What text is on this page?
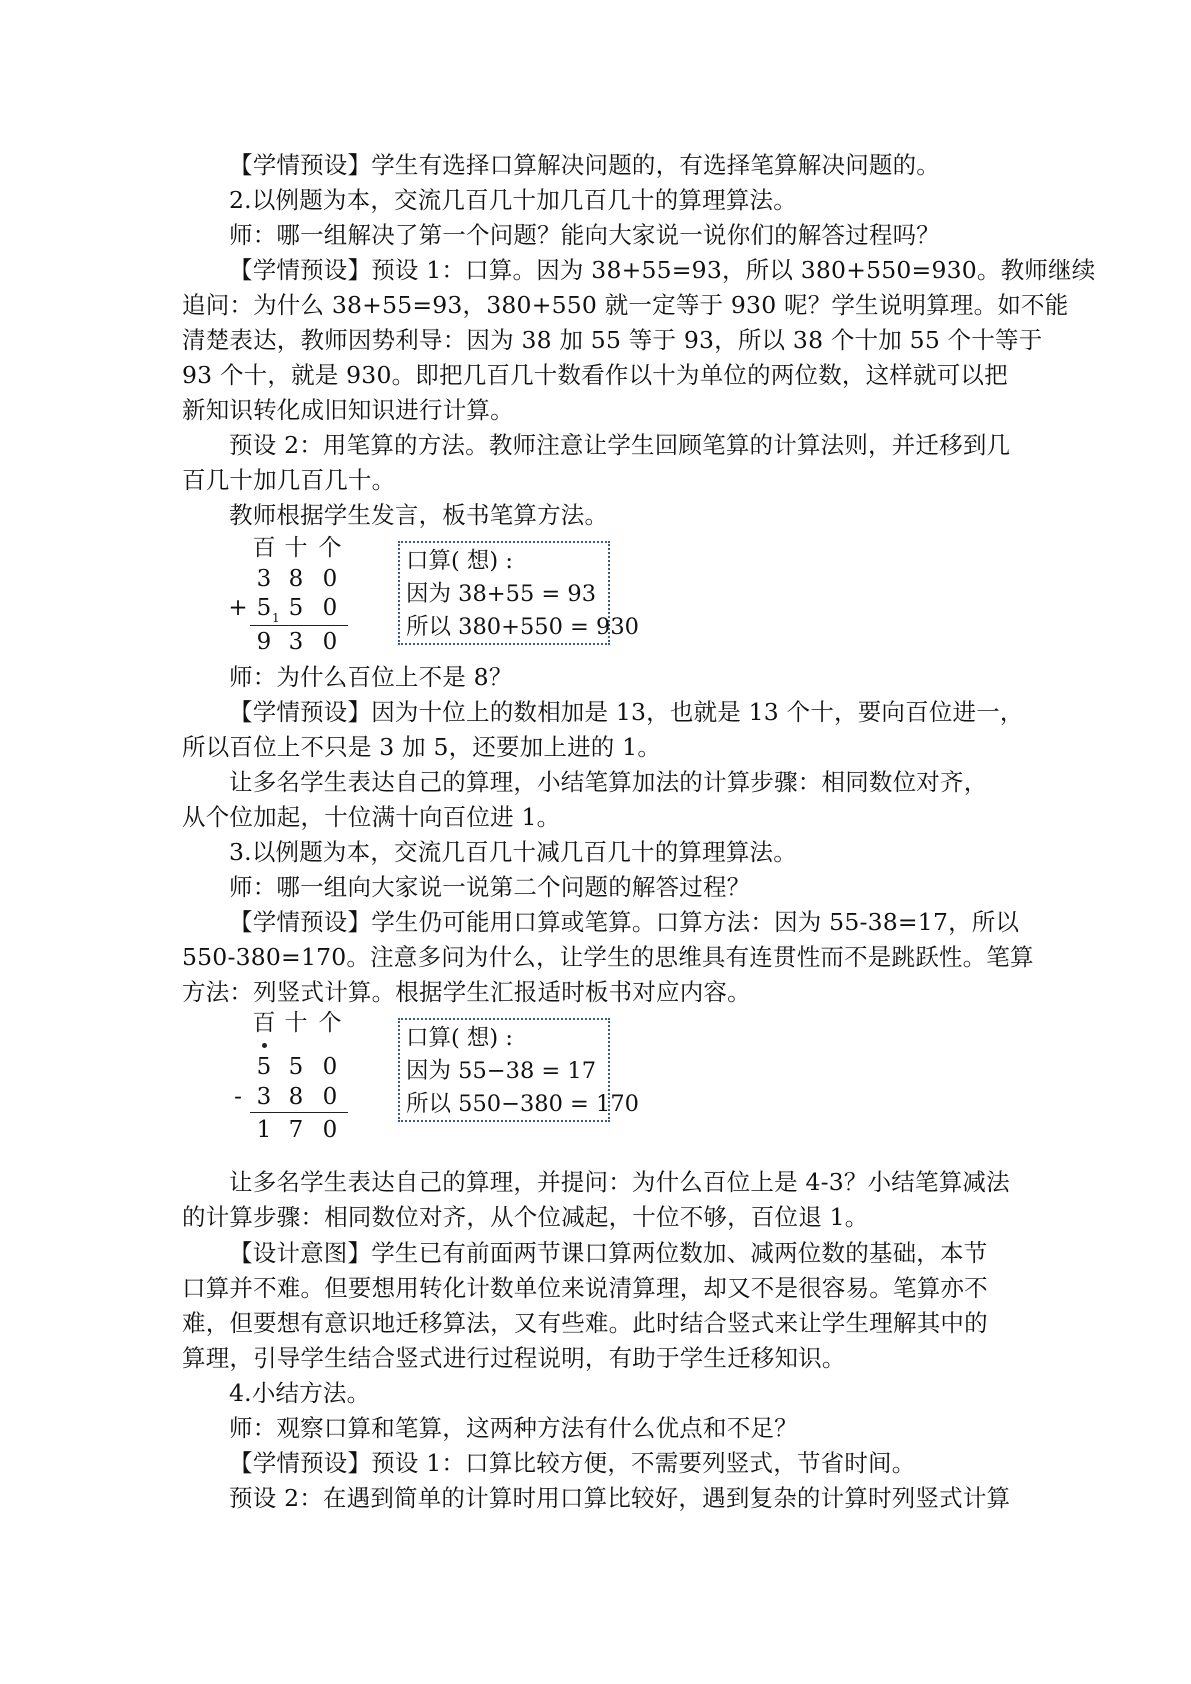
【学情预设】学生有选择口算解决问题的，有选择笔算解决问题的。
2.以例题为本，交流几百几十加几百几十的算理算法。
师：哪一组解决了第一个问题？能向大家说一说你们的解答过程吗？
【学情预设】预设 1：口算。因为 38+55=93，所以 380+550=930。教师继续
追问：为什么 38+55=93，380+550 就一定等于 930 呢？学生说明算理。如不能
清楚表达，教师因势利导：因为 38 加 55 等于 93，所以 38 个十加 55 个十等于
93 个十，就是 930。即把几百几十数看作以十为单位的两位数，这样就可以把
新知识转化成旧知识进行计算。
预设 2：用笔算的方法。教师注意让学生回顾笔算的计算法则，并迁移到几
百几十加几百几十。
教师根据学生发言，板书笔算方法。
百 十 个
3 8 0
+ 5 1 5 0
9 3 0
口算( 想) :
因为 38+55 = 93
所以 380+550 = 930
师：为什么百位上不是 8？
【学情预设】因为十位上的数相加是 13，也就是 13 个十，要向百位进一，
所以百位上不只是 3 加 5，还要加上进的 1。
让多名学生表达自己的算理，小结笔算加法的计算步骤：相同数位对齐，
从个位加起，十位满十向百位进 1。
3.以例题为本，交流几百几十减几百几十的算理算法。
师：哪一组向大家说一说第二个问题的解答过程？
【学情预设】学生仍可能用口算或笔算。口算方法：因为 55-38=17，所以
550-380=170。注意多问为什么，让学生的思维具有连贯性而不是跳跃性。笔算
方法：列竖式计算。根据学生汇报适时板书对应内容。
百 十 个
5 5 0
- 3 8 0
1 7 0
口算( 想) :
因为 55−38 = 17
所以 550−380 = 170
让多名学生表达自己的算理，并提问：为什么百位上是 4-3？小结笔算减法
的计算步骤：相同数位对齐，从个位减起，十位不够，百位退 1。
【设计意图】学生已有前面两节课口算两位数加、减两位数的基础，本节
口算并不难。但要想用转化计数单位来说清算理，却又不是很容易。笔算亦不
难，但要想有意识地迁移算法，又有些难。此时结合竖式来让学生理解其中的
算理，引导学生结合竖式进行过程说明，有助于学生迁移知识。
4.小结方法。
师：观察口算和笔算，这两种方法有什么优点和不足？
【学情预设】预设 1：口算比较方便，不需要列竖式，节省时间。
预设 2：在遇到简单的计算时用口算比较好，遇到复杂的计算时列竖式计算
